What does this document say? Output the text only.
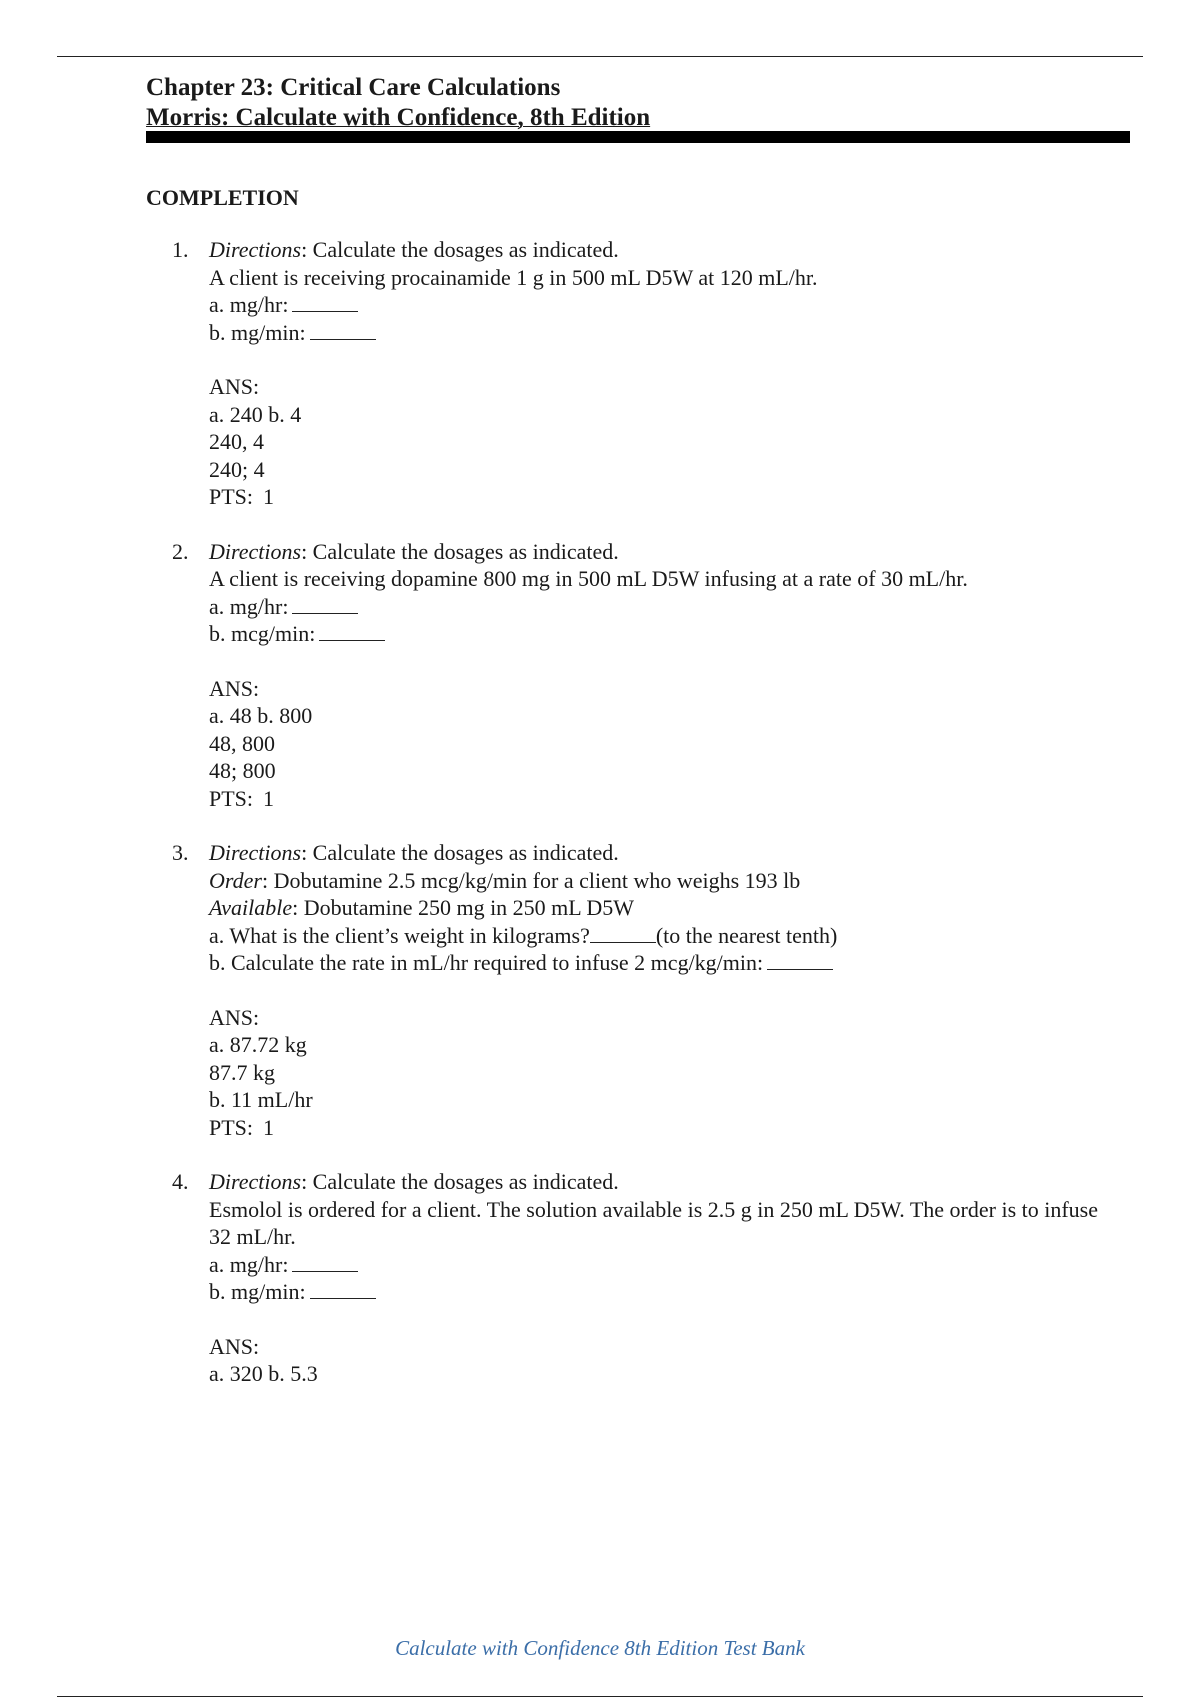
Chapter 23: Critical Care Calculations

Morris: Calculate with Confidence, 8th Edition

COMPLETION

1. Directions: Calculate the dosages as indicated.

A client is receiving procainamide 1 g in 500 mL D5W at 120 mL/hr.

a. mg/hr:

b. mg/min:

ANS:

a. 240 b. 4

240, 4

240; 4

PTS: 1

2. Directions: Calculate the dosages as indicated.

A client is receiving dopamine 800 mg in 500 mL D5W infusing at a rate of 30 mL/hr.

a. mg/hr:

b. mcg/min:

ANS:

a. 48 b. 800

48, 800

48; 800

PTS: 1

3. Directions: Calculate the dosages as indicated.

Order: Dobutamine 2.5 mcg/kg/min for a client who weighs 193 lb

Available: Dobutamine 250 mg in 250 mL D5W

a. What is the client’s weight in kilograms?	(to the nearest tenth)

b. Calculate the rate in mL/hr required to infuse 2 mcg/kg/min:

ANS:

a. 87.72 kg

87.7 kg

b. 11 mL/hr

PTS: 1

4. Directions: Calculate the dosages as indicated.

Esmolol is ordered for a client. The solution available is 2.5 g in 250 mL D5W. The order is to infuse 32 mL/hr.

a. mg/hr:

b. mg/min:

ANS:

a. 320 b. 5.3

Calculate with Confidence 8th Edition Test Bank
